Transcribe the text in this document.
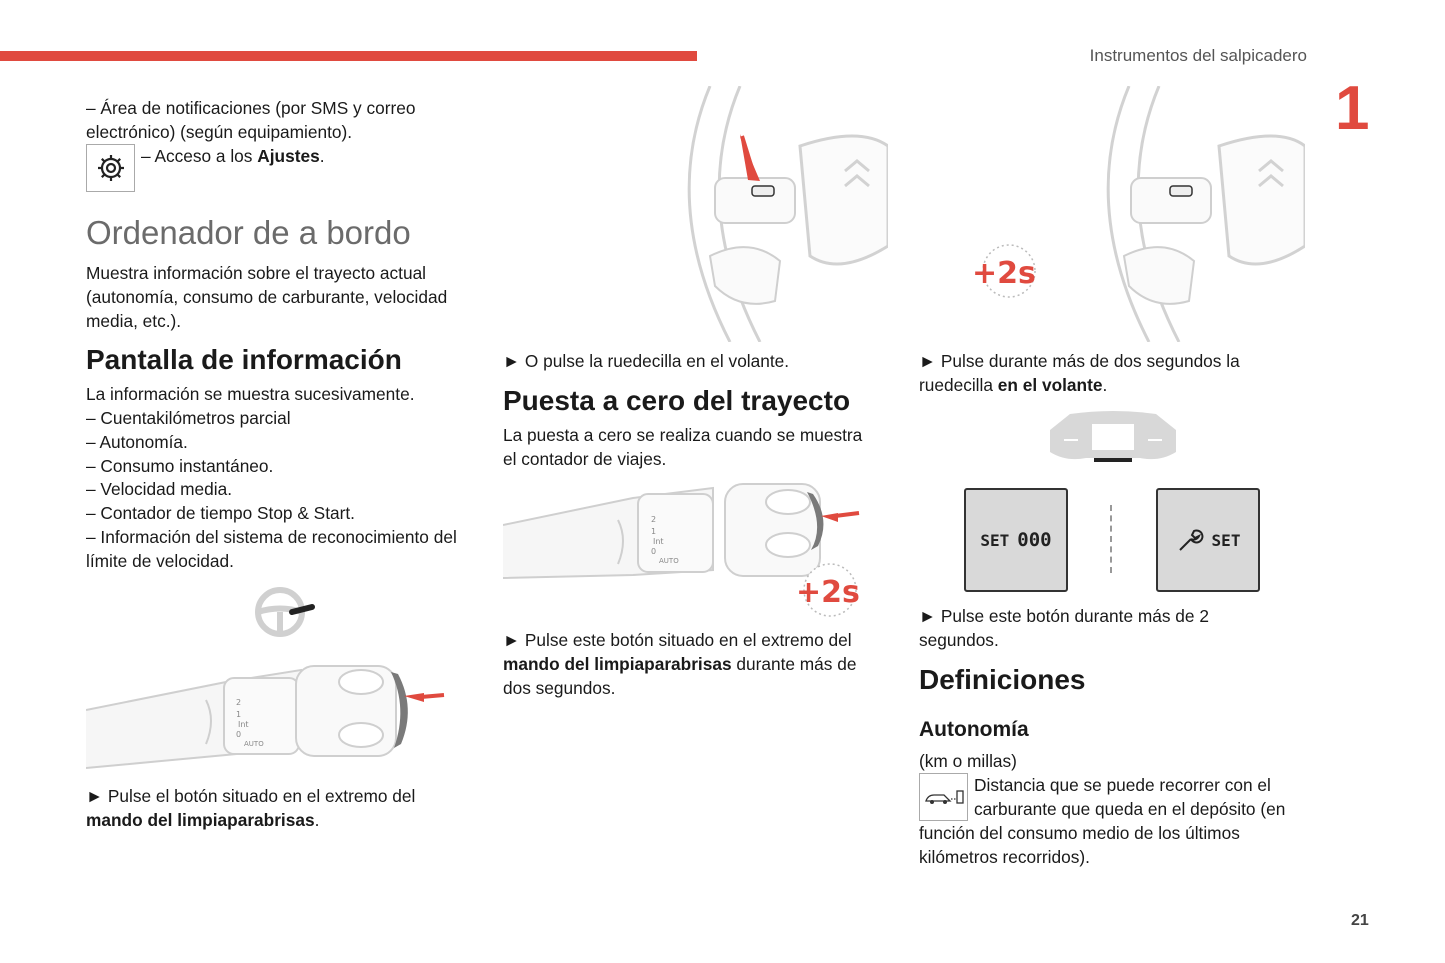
Instrumentos del salpicadero
1
21

– Área de notificaciones (por SMS y correo

electrónico) (según equipamiento).

– Acceso a los Ajustes.

Ordenador de a bordo

Muestra información sobre el trayecto actual

(autonomía, consumo de carburante, velocidad

media, etc.).

Pantalla de información

La información se muestra sucesivamente.

– Cuentakilómetros parcial

– Autonomía.

– Consumo instantáneo.

– Velocidad media.

– Contador de tiempo Stop & Start.

– Información del sistema de reconocimiento del

límite de velocidad.

2
1
Int
0
AUTO

► Pulse el botón situado en el extremo del

mando del limpiaparabrisas.

► O pulse la ruedecilla en el volante.

Puesta a cero del trayecto

La puesta a cero se realiza cuando se muestra

el contador de viajes.

2
1
Int
0
AUTO
+2s

► Pulse este botón situado en el extremo del

mando del limpiaparabrisas durante más de

dos segundos.

+2s

► Pulse durante más de dos segundos la

ruedecilla en el volante.

SET 000	SET

► Pulse este botón durante más de 2

segundos.

Definiciones
Autonomía

(km o millas)

Distancia que se puede recorrer con el

carburante que queda en el depósito (en

función del consumo medio de los últimos

kilómetros recorridos).
